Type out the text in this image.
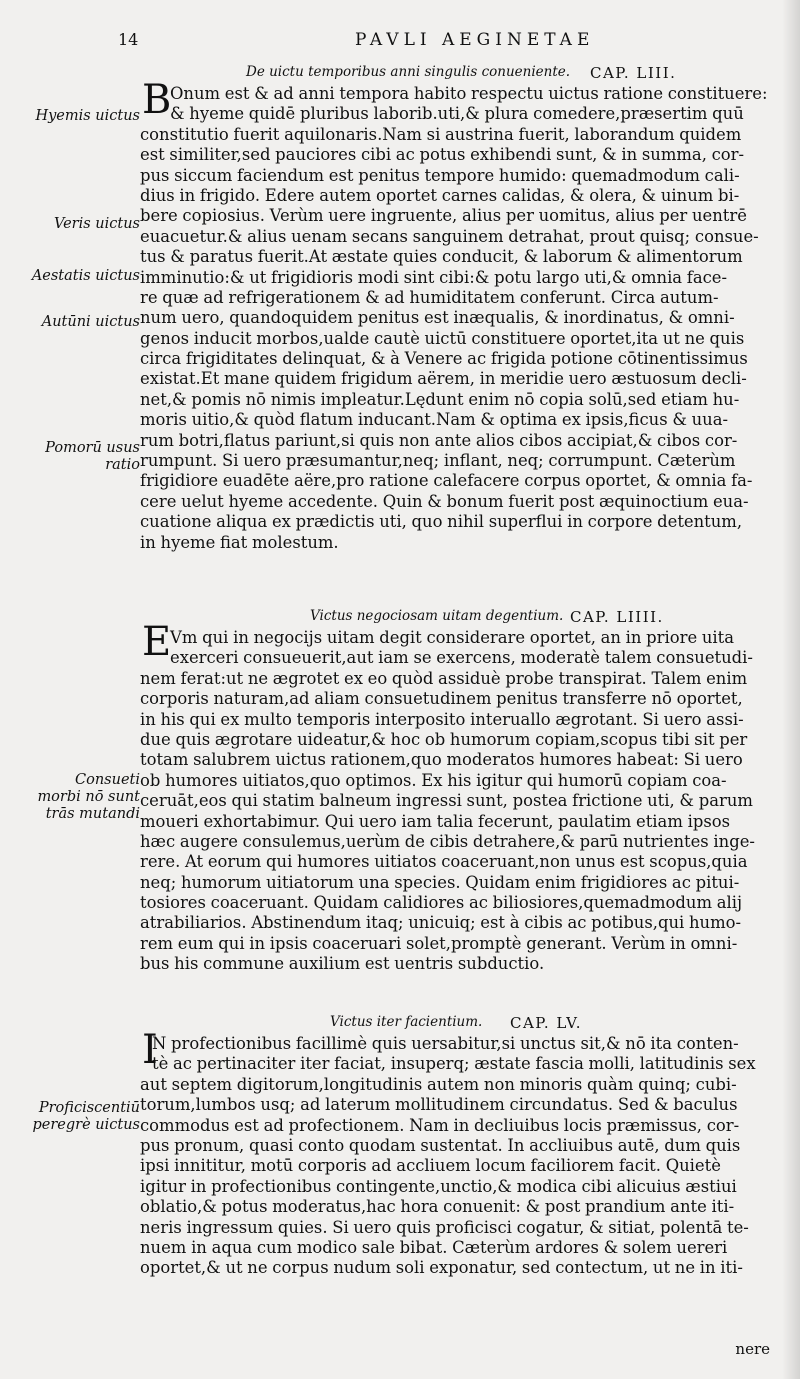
14	PAVLI AEGINETAE
De uictu temporibus anni singulis conueniente. CAP. LIII.
B
Onum est & ad anni tempora habito respectu uictus ratione constituere:
& hyeme quidē pluribus laborib.uti,& plura comedere,præsertim quū
constitutio fuerit aquilonaris.Nam si austrina fuerit, laborandum quidem
est similiter,sed pauciores cibi ac potus exhibendi sunt, & in summa, cor-
pus siccum faciendum est penitus tempore humido: quemadmodum cali-
dius in frigido. Edere autem oportet carnes calidas, & olera, & uinum bi-
bere copiosius. Verùm uere ingruente, alius per uomitus, alius per uentrē
euacuetur.& alius uenam secans sanguinem detrahat, prout quisq; consue-
tus & paratus fuerit.At æstate quies conducit, & laborum & alimentorum
imminutio:& ut frigidioris modi sint cibi:& potu largo uti,& omnia face-
re quæ ad refrigerationem & ad humiditatem conferunt. Circa autum-
num uero, quandoquidem penitus est inæqualis, & inordinatus, & omni-
genos inducit morbos,ualde cautè uictū constituere oportet,ita ut ne quis
circa frigiditates delinquat, & à Venere ac frigida potione cōtinentissimus
existat.Et mane quidem frigidum aërem, in meridie uero æstuosum decli-
net,& pomis nō nimis impleatur.Lędunt enim nō copia solū,sed etiam hu-
moris uitio,& quòd flatum inducant.Nam & optima ex ipsis,ficus & uua-
rum botri,flatus pariunt,si quis non ante alios cibos accipiat,& cibos cor-
rumpunt. Si uero præsumantur,neq; inflant, neq; corrumpunt. Cæterùm
frigidiore euadēte aëre,pro ratione calefacere corpus oportet, & omnia fa-
cere uelut hyeme accedente. Quin & bonum fuerit post æquinoctium eua-
cuatione aliqua ex prædictis uti, quo nihil superflui in corpore detentum,
in hyeme fiat molestum.
Victus negociosam uitam degentium. CAP. LIIII.
E
Vm qui in negocijs uitam degit considerare oportet, an in priore uita
exerceri consueuerit,aut iam se exercens, moderatè talem consuetudi-
nem ferat:ut ne ægrotet ex eo quòd assiduè probe transpirat. Talem enim
corporis naturam,ad aliam consuetudinem penitus transferre nō oportet,
in his qui ex multo temporis interposito interuallo ægrotant. Si uero assi-
due quis ægrotare uideatur,& hoc ob humorum copiam,scopus tibi sit per
totam salubrem uictus rationem,quo moderatos humores habeat: Si uero
ob humores uitiatos,quo optimos. Ex his igitur qui humorū copiam coa-
ceruāt,eos qui statim balneum ingressi sunt, postea frictione uti, & parum
moueri exhortabimur. Qui uero iam talia fecerunt, paulatim etiam ipsos
hæc augere consulemus,uerùm de cibis detrahere,& parū nutrientes inge-
rere. At eorum qui humores uitiatos coaceruant,non unus est scopus,quia
neq; humorum uitiatorum una species. Quidam enim frigidiores ac pitui-
tosiores coaceruant. Quidam calidiores ac biliosiores,quemadmodum alij
atrabiliarios. Abstinendum itaq; unicuiq; est à cibis ac potibus,qui humo-
rem eum qui in ipsis coaceruari solet,promptè generant. Verùm in omni-
bus his commune auxilium est uentris subductio.
Victus iter facientium. CAP. LV.
I
N profectionibus facillimè quis uersabitur,si unctus sit,& nō ita conten-
tè ac pertinaciter iter faciat, insuperq; æstate fascia molli, latitudinis sex
aut septem digitorum,longitudinis autem non minoris quàm quinq; cubi-
torum,lumbos usq; ad laterum mollitudinem circundatus. Sed & baculus
commodus est ad profectionem. Nam in decliuibus locis præmissus, cor-
pus pronum, quasi conto quodam sustentat. In accliuibus autē, dum quis
ipsi innititur, motū corporis ad accliuem locum faciliorem facit. Quietè
igitur in profectionibus contingente,unctio,& modica cibi alicuius æstiui
oblatio,& potus moderatus,hac hora conuenit: & post prandium ante iti-
neris ingressum quies. Si uero quis proficisci cogatur, & sitiat, polentā te-
nuem in aqua cum modico sale bibat. Cæterùm ardores & solem uereri
oportet,& ut ne corpus nudum soli exponatur, sed contectum, ut ne in iti-
Hyemis uictus
Veris uictus
Aestatis uictus
Autūni uictus
Pomorū usus ratio
Consueti morbi nō sunt trās mutandi
Proficiscentiū peregrè uictus
nere
